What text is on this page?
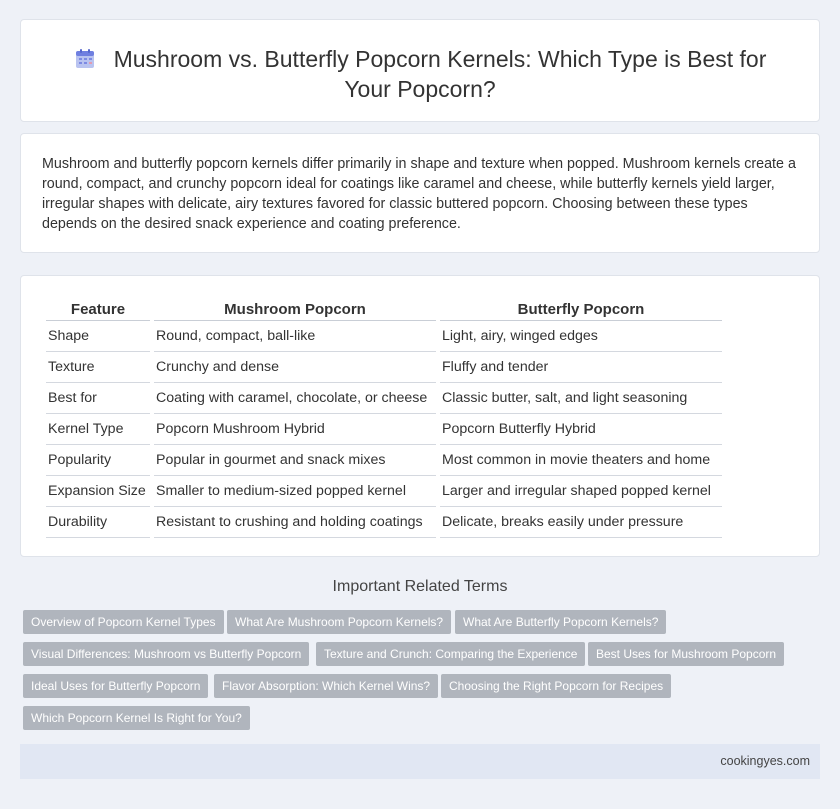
Mushroom vs. Butterfly Popcorn Kernels: Which Type is Best for Your Popcorn?

Mushroom and butterfly popcorn kernels differ primarily in shape and texture when popped. Mushroom kernels create a round, compact, and crunchy popcorn ideal for coatings like caramel and cheese, while butterfly kernels yield larger, irregular shapes with delicate, airy textures favored for classic buttered popcorn. Choosing between these types depends on the desired snack experience and coating preference.

Feature	Mushroom Popcorn	Butterfly Popcorn
Shape	Round, compact, ball-like	Light, airy, winged edges
Texture	Crunchy and dense	Fluffy and tender
Best for	Coating with caramel, chocolate, or cheese	Classic butter, salt, and light seasoning
Kernel Type	Popcorn Mushroom Hybrid	Popcorn Butterfly Hybrid
Popularity	Popular in gourmet and snack mixes	Most common in movie theaters and home
Expansion Size	Smaller to medium-sized popped kernel	Larger and irregular shaped popped kernel
Durability	Resistant to crushing and holding coatings	Delicate, breaks easily under pressure
Important Related Terms
Overview of Popcorn Kernel Types	What Are Mushroom Popcorn Kernels?	What Are Butterfly Popcorn Kernels?
Visual Differences: Mushroom vs Butterfly Popcorn	Texture and Crunch: Comparing the Experience	Best Uses for Mushroom Popcorn
Ideal Uses for Butterfly Popcorn	Flavor Absorption: Which Kernel Wins?	Choosing the Right Popcorn for Recipes
Which Popcorn Kernel Is Right for You?
cookingyes.com
